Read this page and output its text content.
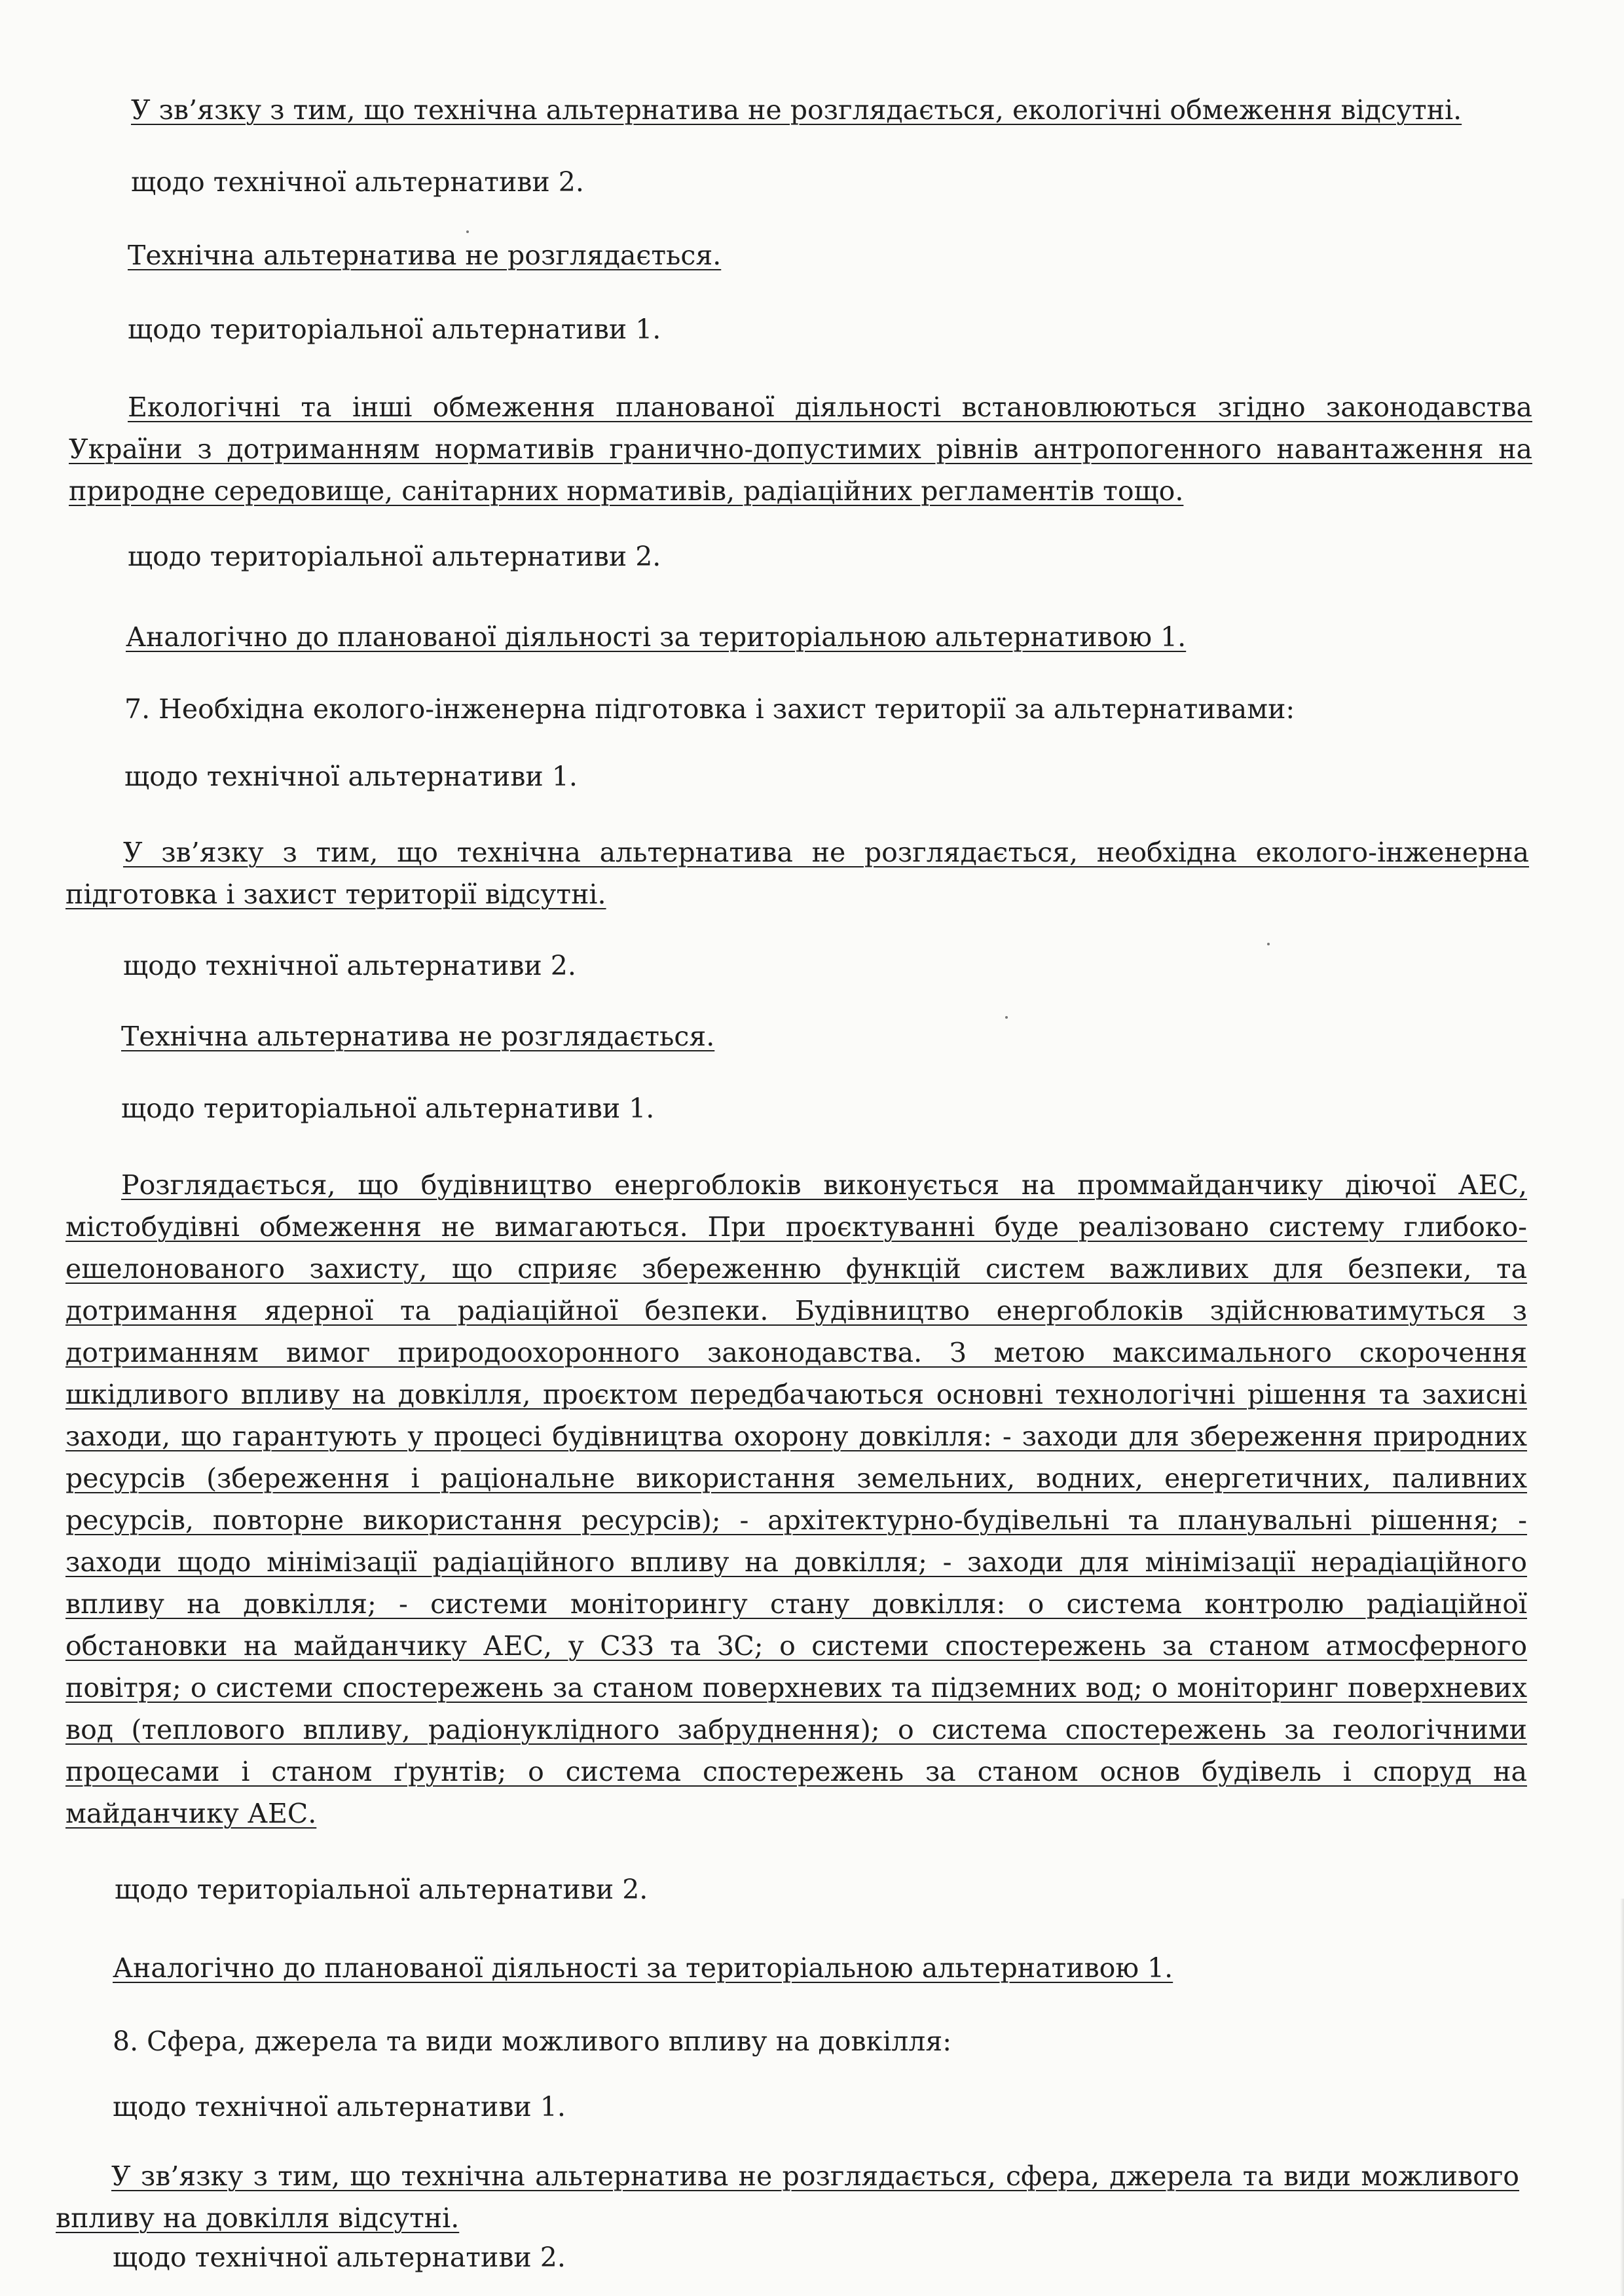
У зв’язку з тим, що технічна альтернатива не розглядається, екологічні обмеження відсутні.
щодо технічної альтернативи 2.
Технічна альтернатива не розглядається.
щодо територіальної альтернативи 1.
Екологічні та інші обмеження планованої діяльності встановлюються згідно законодавства України з дотриманням нормативів гранично-допустимих рівнів антропогенного навантаження на природне середовище, санітарних нормативів, радіаційних регламентів тощо.
щодо територіальної альтернативи 2.
Аналогічно до планованої діяльності за територіальною альтернативою 1.
7. Необхідна еколого-інженерна підготовка і захист території за альтернативами:
щодо технічної альтернативи 1.
У зв’язку з тим, що технічна альтернатива не розглядається, необхідна еколого-інженерна підготовка і захист території відсутні.
щодо технічної альтернативи 2.
Технічна альтернатива не розглядається.
щодо територіальної альтернативи 1.
Розглядається, що будівництво енергоблоків виконується на проммайданчику діючої АЕС, містобудівні обмеження не вимагаються. При проєктуванні буде реалізовано систему глибоко-ешелонованого захисту, що сприяє збереженню функцій систем важливих для безпеки, та дотримання ядерної та радіаційної безпеки. Будівництво енергоблоків здійснюватимуться з дотриманням вимог природоохоронного законодавства. З метою максимального скорочення шкідливого впливу на довкілля, проєктом передбачаються основні технологічні рішення та захисні заходи, що гарантують у процесі будівництва охорону довкілля: - заходи для збереження природних ресурсів (збереження і раціональне використання земельних, водних, енергетичних, паливних ресурсів, повторне використання ресурсів); - архітектурно-будівельні та планувальні рішення; - заходи щодо мінімізації радіаційного впливу на довкілля; - заходи для мінімізації нерадіаційного впливу на довкілля; - системи моніторингу стану довкілля: о система контролю радіаційної обстановки на майданчику АЕС, у СЗЗ та ЗС; о системи спостережень за станом атмосферного повітря; о системи спостережень за станом поверхневих та підземних вод; о моніторинг поверхневих вод (теплового впливу, радіонуклідного забруднення); о система спостережень за геологічними процесами і станом ґрунтів; о система спостережень за станом основ будівель і споруд на майданчику АЕС.
щодо територіальної альтернативи 2.
Аналогічно до планованої діяльності за територіальною альтернативою 1.
8. Сфера, джерела та види можливого впливу на довкілля:
щодо технічної альтернативи 1.
У зв’язку з тим, що технічна альтернатива не розглядається, сфера, джерела та види можливого впливу на довкілля відсутні.
щодо технічної альтернативи 2.
